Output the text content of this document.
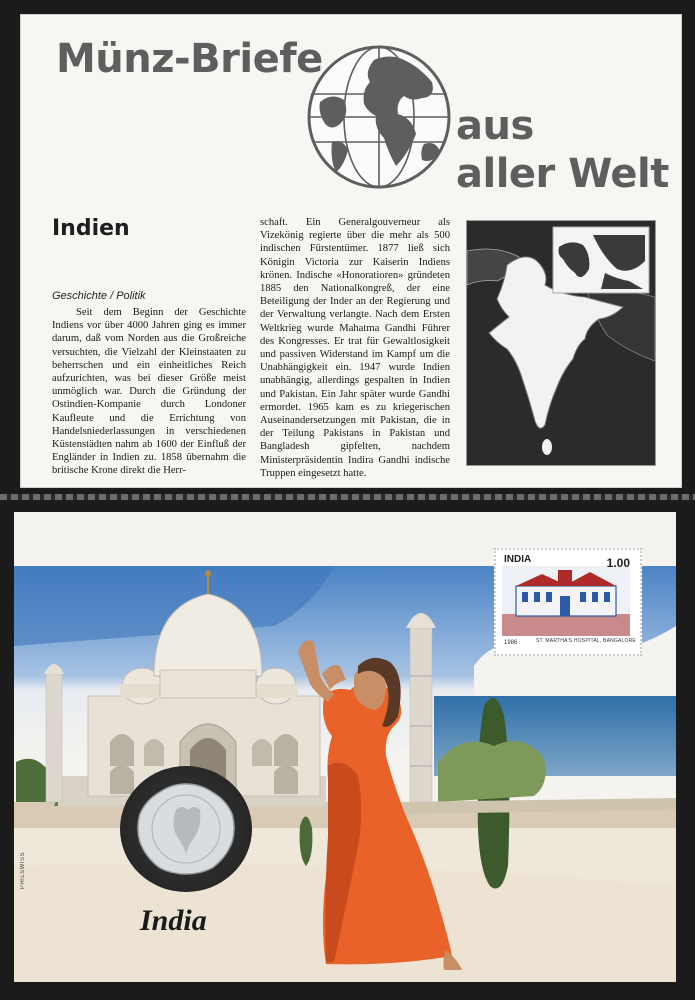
Münz-Briefe
aus
aller Welt
Indien
Geschichte / Politik
Seit dem Beginn der Geschichte Indiens vor über 4000 Jahren ging es immer darum, daß vom Norden aus die Großreiche versuchten, die Vielzahl der Kleinstaaten zu beherrschen und ein einheitliches Reich aufzurichten, was bei dieser Größe meist unmöglich war. Durch die Gründung der Ostindien-Kompanie durch Londoner Kaufleute und die Errichtung von Handelsniederlassungen in verschiedenen Küstenstädten nahm ab 1600 der Einfluß der Engländer in Indien zu. 1858 übernahm die britische Krone direkt die Herr-
schaft. Ein Generalgouverneur als Vizekönig regierte über die mehr als 500 indischen Fürstentümer. 1877 ließ sich Königin Victoria zur Kaiserin Indiens krönen. Indische «Honoratioren» gründeten 1885 den Nationalkongreß, der eine Beteiligung der Inder an der Regierung und der Verwaltung verlangte. Nach dem Ersten Weltkrieg wurde Mahatma Gandhi Führer des Kongresses. Er trat für Gewaltlosigkeit und passiven Widerstand im Kampf um die Unabhängigkeit ein. 1947 wurde Indien unabhängig, allerdings gespalten in Indien und Pakistan. Ein Jahr später wurde Gandhi ermordet. 1965 kam es zu kriegerischen Auseinandersetzungen mit Pakistan, die in der Teilung Pakistans in Pakistan und Bangladesh gipfelten, nachdem Ministerpräsidentin Indira Gandhi indische Truppen eingesetzt hatte.
INDIA	1.00
1986	ST. MARTHA'S HOSPITAL, BANGALORE
India
PHILSWISS
